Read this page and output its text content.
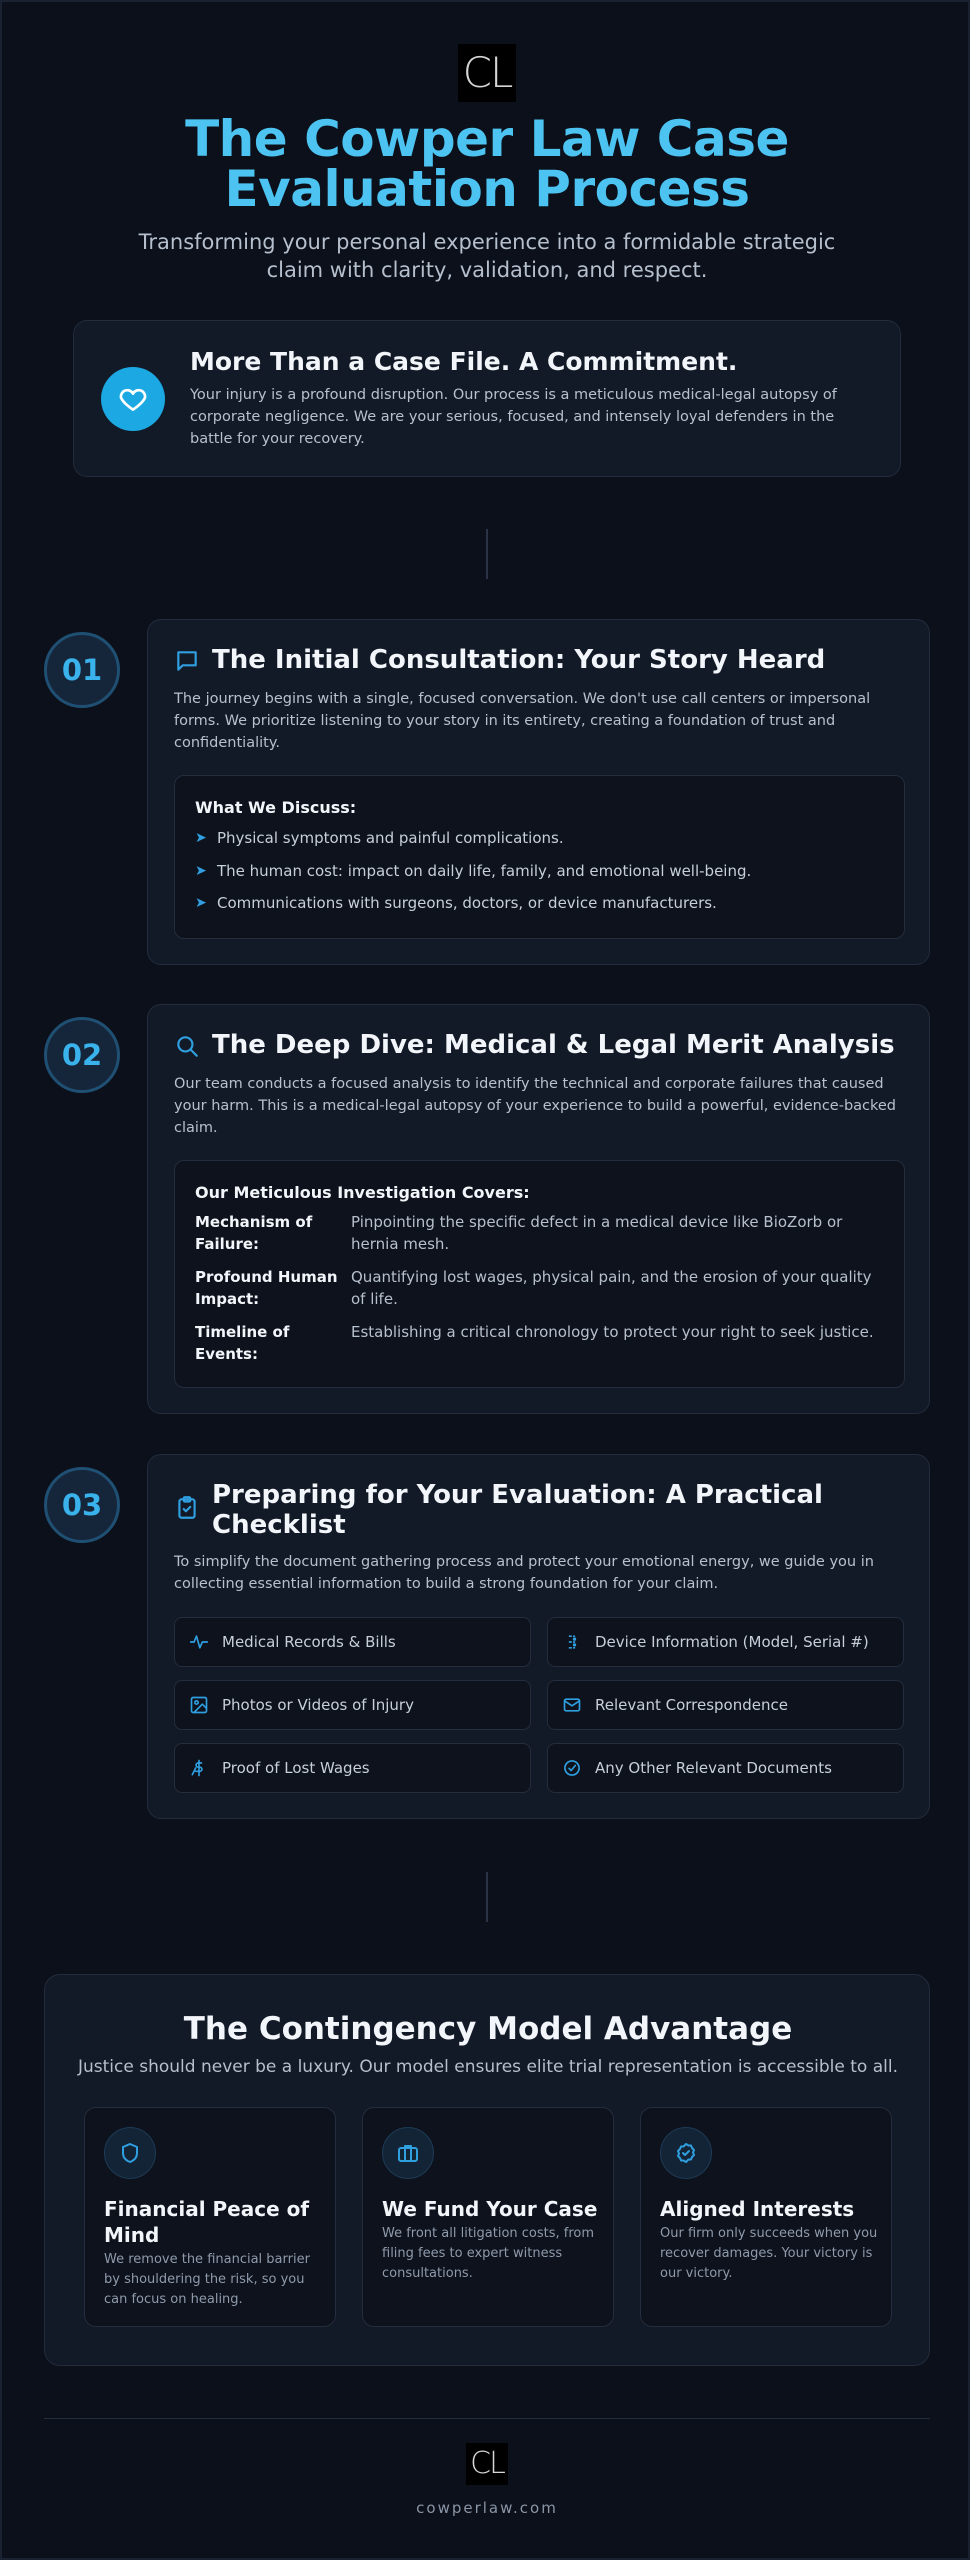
CL
The Cowper Law Case Evaluation Process

Transforming your personal experience into a formidable strategic claim with clarity, validation, and respect.

More Than a Case File. A Commitment.

Your injury is a profound disruption. Our process is a meticulous medical-legal autopsy of corporate negligence. We are your serious, focused, and intensely loyal defenders in the battle for your recovery.

01	The Initial Consultation: Your Story Heard

The journey begins with a single, focused conversation. We don't use call centers or impersonal forms. We prioritize listening to your story in its entirety, creating a foundation of trust and confidentiality.

What We Discuss:
➤ Physical symptoms and painful complications.
➤ The human cost: impact on daily life, family, and emotional well-being.
➤ Communications with surgeons, doctors, or device manufacturers.
02	The Deep Dive: Medical & Legal Merit Analysis

Our team conducts a focused analysis to identify the technical and corporate failures that caused your harm. This is a medical-legal autopsy of your experience to build a powerful, evidence-backed claim.

Our Meticulous Investigation Covers:
Mechanism of Failure:
Pinpointing the specific defect in a medical device like BioZorb or hernia mesh.
Profound Human Impact:
Quantifying lost wages, physical pain, and the erosion of your quality of life.
Timeline of Events:
Establishing a critical chronology to protect your right to seek justice.
03	Preparing for Your Evaluation: A Practical Checklist

To simplify the document gathering process and protect your emotional energy, we guide you in collecting essential information to build a strong foundation for your claim.

Medical Records & Bills	Device Information (Model, Serial #)
Photos or Videos of Injury	Relevant Correspondence
Proof of Lost Wages	Any Other Relevant Documents
The Contingency Model Advantage

Justice should never be a luxury. Our model ensures elite trial representation is accessible to all.

Financial Peace of Mind

We remove the financial barrier by shouldering the risk, so you can focus on healing.

We Fund Your Case

We front all litigation costs, from filing fees to expert witness consultations.

Aligned Interests

Our firm only succeeds when you recover damages. Your victory is our victory.

CL
cowperlaw.com
